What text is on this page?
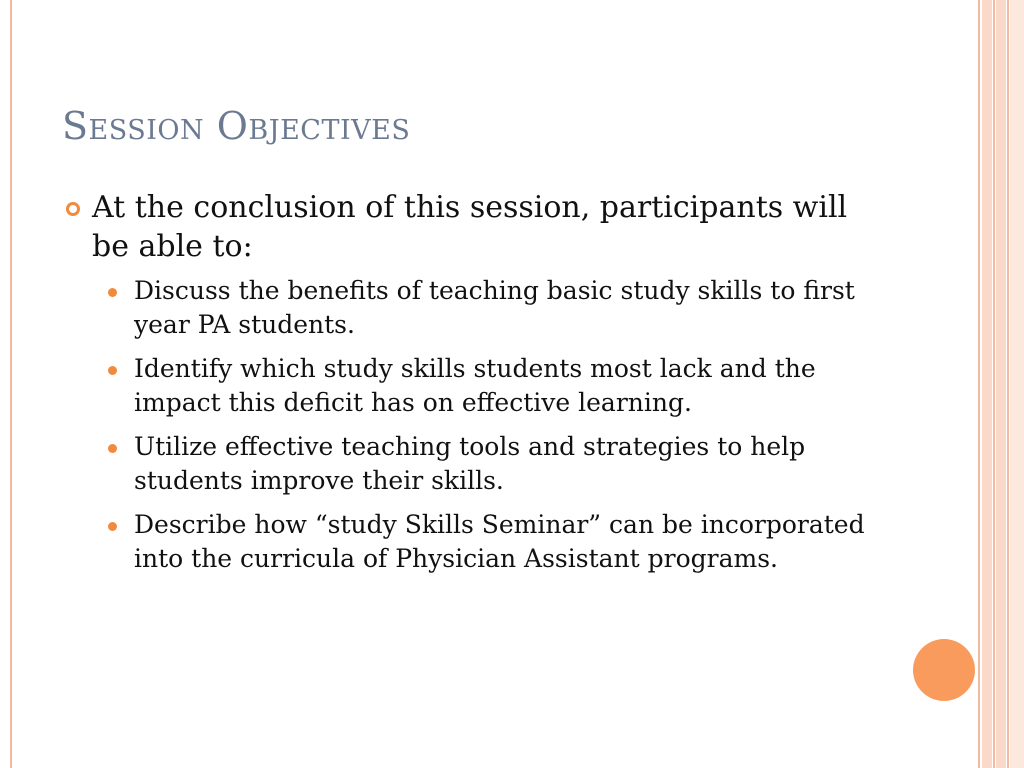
Session Objectives
At the conclusion of this session, participants will be able to:
Discuss the benefits of teaching basic study skills to first year PA students.
Identify which study skills students most lack and the impact this deficit has on effective learning.
Utilize effective teaching tools and strategies to help students improve their skills.
Describe how “study Skills Seminar” can be incorporated into the curricula of Physician Assistant programs.
